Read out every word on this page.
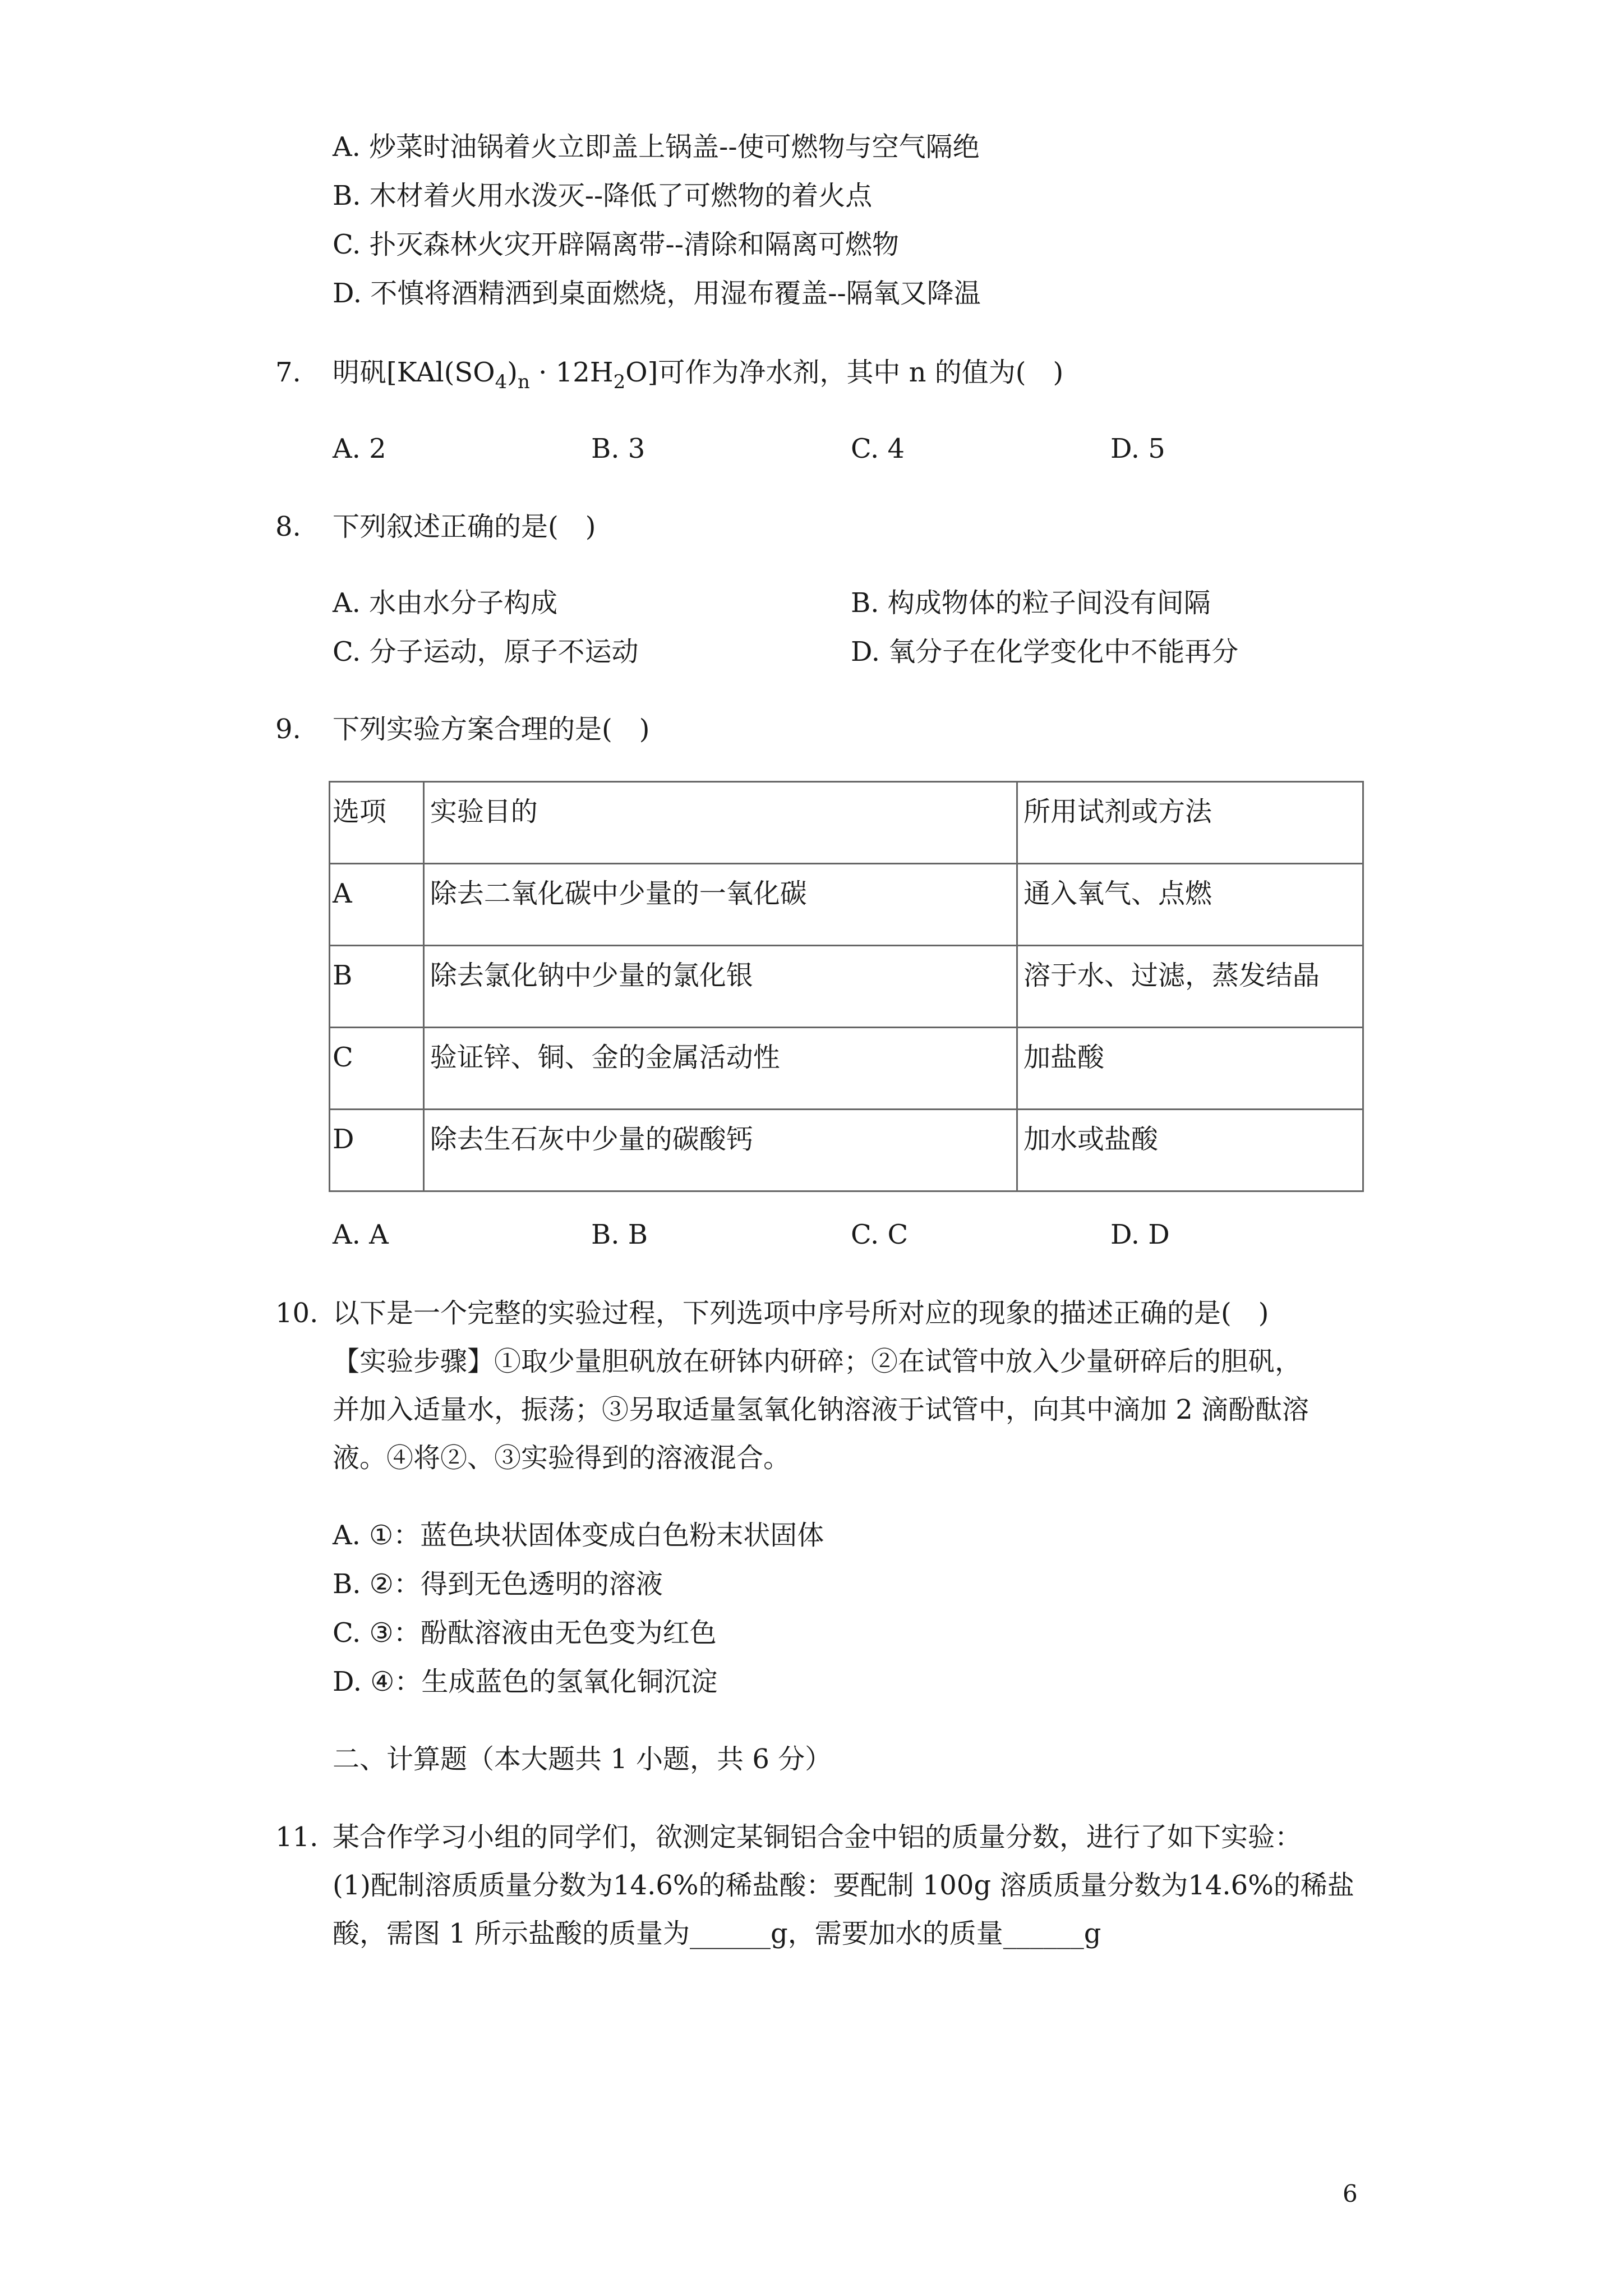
A. 炒菜时油锅着火立即盖上锅盖--使可燃物与空气隔绝
B. 木材着火用水泼灭--降低了可燃物的着火点
C. 扑灭森林火灾开辟隔离带--清除和隔离可燃物
D. 不慎将酒精洒到桌面燃烧，用湿布覆盖--隔氧又降温
7. 明矾$[KAl(SO_4)_n \cdot 12H_2O]$可作为净水剂，其中 n 的值为(　)
A. 2	B. 3	C. 4	D. 5
8. 下列叙述正确的是(　)
A. 水由水分子构成	B. 构成物体的粒子间没有间隔
C. 分子运动，原子不运动	D. 氧分子在化学变化中不能再分
9. 下列实验方案合理的是(　)
选项	实验目的	所用试剂或方法
A	除去二氧化碳中少量的一氧化碳	通入氧气、点燃
B	除去氯化钠中少量的氯化银	溶于水、过滤，蒸发结晶
C	验证锌、铜、金的金属活动性	加盐酸
D	除去生石灰中少量的碳酸钙	加水或盐酸
A. A	B. B	C. C	D. D
10. 以下是一个完整的实验过程，下列选项中序号所对应的现象的描述正确的是(　)
【实验步骤】①取少量胆矾放在研钵内研碎；②在试管中放入少量研碎后的胆矾，
并加入适量水，振荡；③另取适量氢氧化钠溶液于试管中，向其中滴加 2 滴酚酞溶
液。④将②、③实验得到的溶液混合。
A. ①：蓝色块状固体变成白色粉末状固体
B. ②：得到无色透明的溶液
C. ③：酚酞溶液由无色变为红色
D. ④：生成蓝色的氢氧化铜沉淀
二、计算题（本大题共 1 小题，共 6 分）
11. 某合作学习小组的同学们，欲测定某铜铝合金中铝的质量分数，进行了如下实验：
(1)配制溶质质量分数为14.6%的稀盐酸：要配制 100g 溶质质量分数为14.6%的稀盐
酸，需图 1 所示盐酸的质量为______g，需要加水的质量______g
6
